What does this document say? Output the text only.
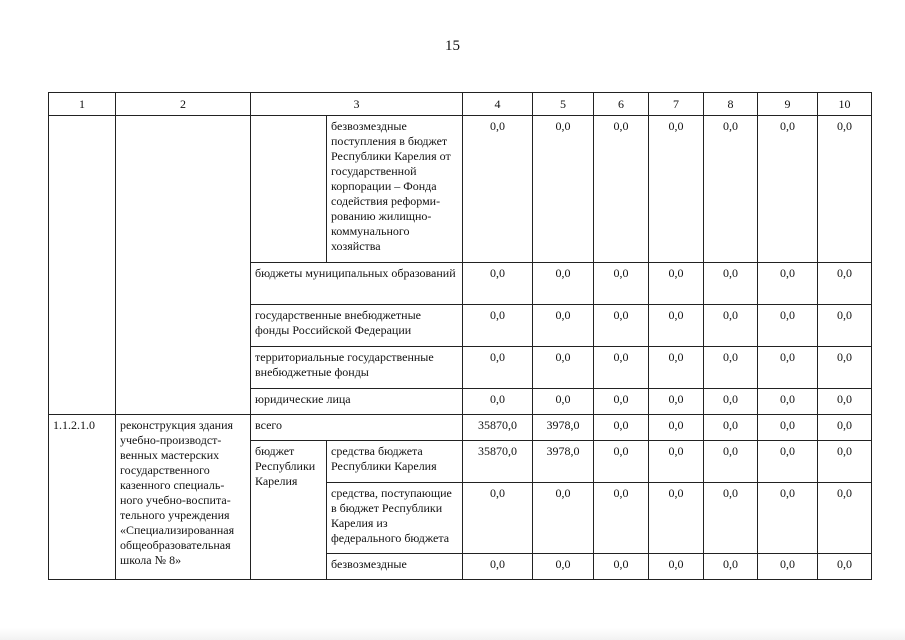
15
1	2	3		4	5	6	7	8	9	10
			безвозмездные поступления в бюджет Республики Карелия от государственной корпорации – Фонда содействия реформи-рованию жилищно-коммунального хозяйства	0,0	0,0	0,0	0,0	0,0	0,0	0,0
		бюджеты муниципальных образований		0,0	0,0	0,0	0,0	0,0	0,0	0,0
		государственные внебюджетные фонды Российской Федерации		0,0	0,0	0,0	0,0	0,0	0,0	0,0
		территориальные государственные внебюджетные фонды		0,0	0,0	0,0	0,0	0,0	0,0	0,0
		юридические лица		0,0	0,0	0,0	0,0	0,0	0,0	0,0
1.1.2.1.0	реконструкция здания учебно-производст-венных мастерских государственного казенного специаль-ного учебно-воспита-тельного учреждения «Специализированная общеобразовательная школа № 8»	всего		35870,0	3978,0	0,0	0,0	0,0	0,0	0,0
		бюджет Республики Карелия	средства бюджета Республики Карелия	35870,0	3978,0	0,0	0,0	0,0	0,0	0,0
			средства, поступающие в бюджет Республики Карелия из федерального бюджета	0,0	0,0	0,0	0,0	0,0	0,0	0,0
			безвозмездные	0,0	0,0	0,0	0,0	0,0	0,0	0,0
